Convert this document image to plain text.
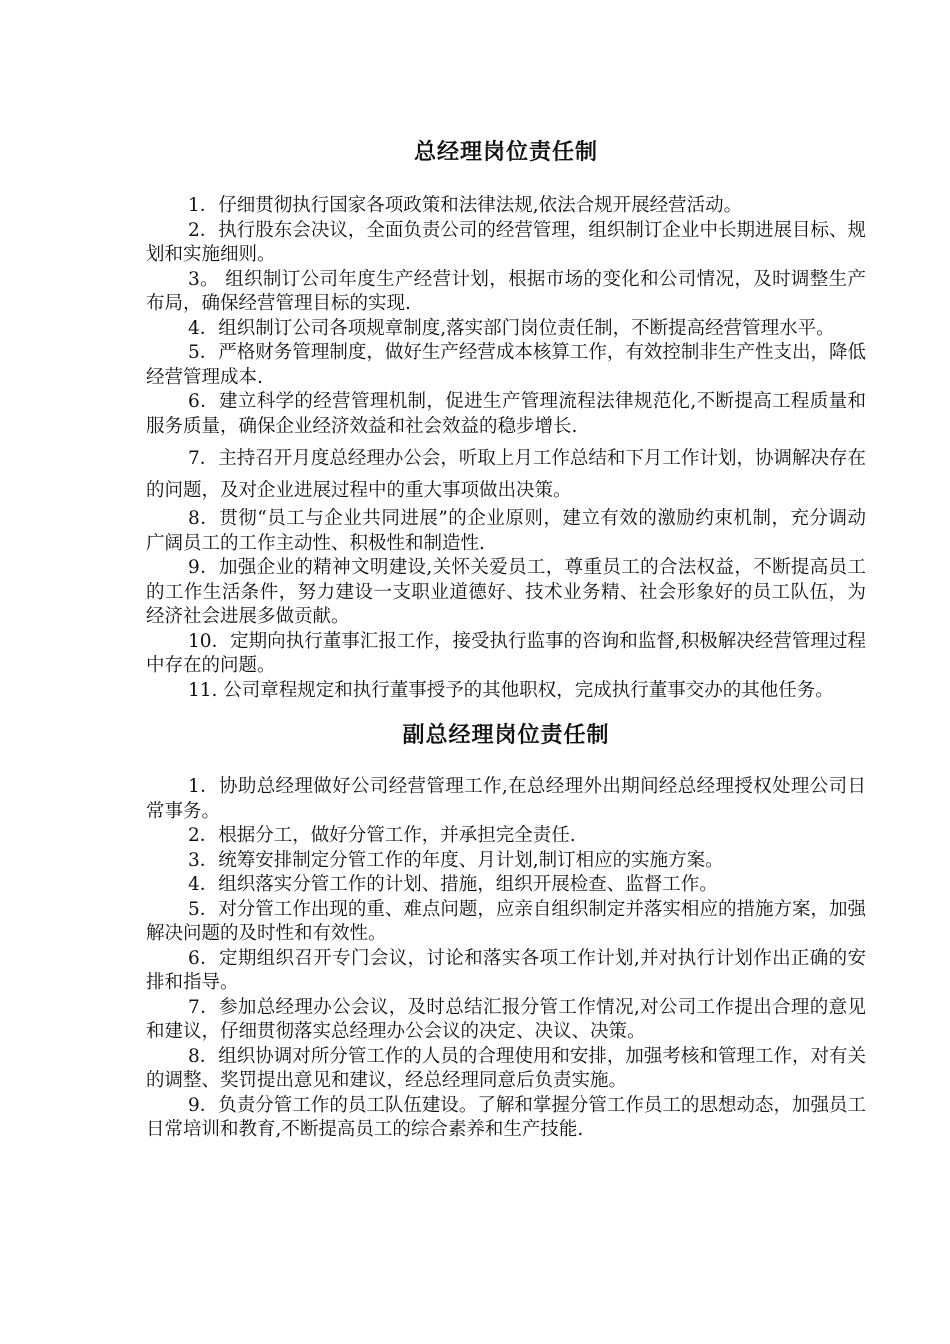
总经理岗位责任制

1．仔细贯彻执行国家各项政策和法律法规,依法合规开展经营活动。

2．执行股东会决议，全面负责公司的经营管理，组织制订企业中长期进展目标、规划和实施细则。

3。 组织制订公司年度生产经营计划，根据市场的变化和公司情况，及时调整生产布局，确保经营管理目标的实现.

4．组织制订公司各项规章制度,落实部门岗位责任制，不断提高经营管理水平。

5．严格财务管理制度，做好生产经营成本核算工作，有效控制非生产性支出，降低经营管理成本.

6．建立科学的经营管理机制，促进生产管理流程法律规范化,不断提高工程质量和服务质量，确保企业经济效益和社会效益的稳步增长.

7．主持召开月度总经理办公会，听取上月工作总结和下月工作计划，协调解决存在的问题，及对企业进展过程中的重大事项做出决策。

8．贯彻“员工与企业共同进展”的企业原则，建立有效的激励约束机制，充分调动广阔员工的工作主动性、积极性和制造性.

9．加强企业的精神文明建设,关怀关爱员工，尊重员工的合法权益，不断提高员工的工作生活条件，努力建设一支职业道德好、技术业务精、社会形象好的员工队伍，为经济社会进展多做贡献。

10．定期向执行董事汇报工作，接受执行监事的咨询和监督,积极解决经营管理过程中存在的问题。

11. 公司章程规定和执行董事授予的其他职权，完成执行董事交办的其他任务。

副总经理岗位责任制

1．协助总经理做好公司经营管理工作,在总经理外出期间经总经理授权处理公司日常事务。

2．根据分工，做好分管工作，并承担完全责任.

3．统筹安排制定分管工作的年度、月计划,制订相应的实施方案。

4．组织落实分管工作的计划、措施，组织开展检查、监督工作。

5．对分管工作出现的重、难点问题，应亲自组织制定并落实相应的措施方案，加强解决问题的及时性和有效性。

6．定期组织召开专门会议，讨论和落实各项工作计划,并对执行计划作出正确的安排和指导。

7．参加总经理办公会议，及时总结汇报分管工作情况,对公司工作提出合理的意见和建议，仔细贯彻落实总经理办公会议的决定、决议、决策。

8．组织协调对所分管工作的人员的合理使用和安排，加强考核和管理工作，对有关的调整、奖罚提出意见和建议，经总经理同意后负责实施。

9．负责分管工作的员工队伍建设。了解和掌握分管工作员工的思想动态，加强员工日常培训和教育,不断提高员工的综合素养和生产技能.
